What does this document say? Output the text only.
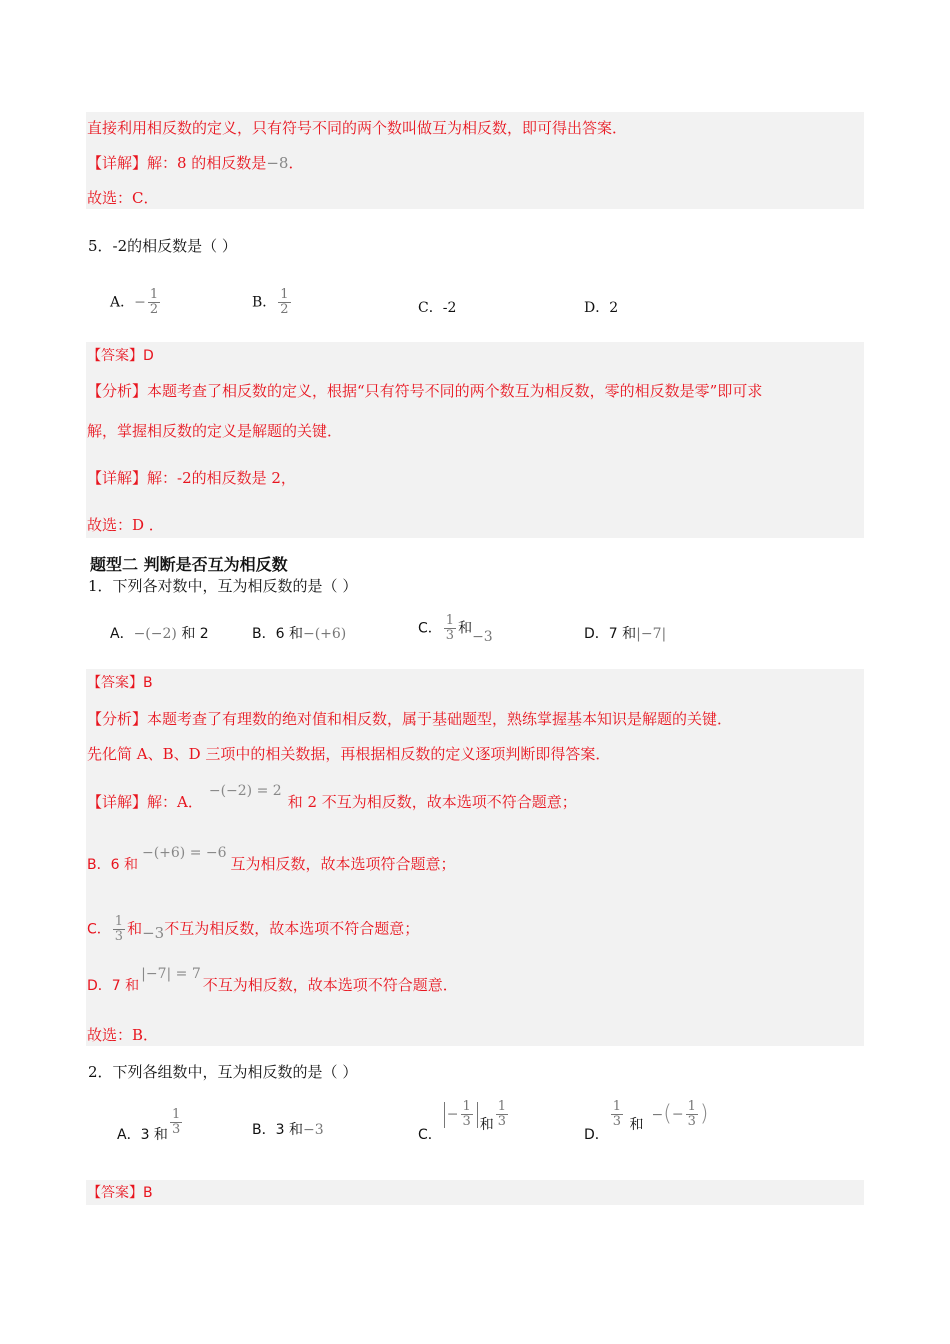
直接利用相反数的定义，只有符号不同的两个数叫做互为相反数，即可得出答案．
【详解】解：8 的相反数是−8．
故选：C．
5．-2的相反数是（ ）
A．− $\frac{1}{2}$	B． $\frac{1}{2}$	C．-2	D．2
【答案】D
【分析】本题考查了相反数的定义，根据“只有符号不同的两个数互为相反数，零的相反数是零”即可求
解，掌握相反数的定义是解题的关键．
【详解】解：-2的相反数是 2，
故选：D ．
题型二 判断是否互为相反数
1．下列各对数中，互为相反数的是（ ）
A．−(−2) 和 2	B．6 和−(+6)	C． $\frac{1}{3}$ 和−3	D．7 和|−7|
【答案】B
【分析】本题考查了有理数的绝对值和相反数，属于基础题型，熟练掌握基本知识是解题的关键．
先化简 A、B、D 三项中的相关数据，再根据相反数的定义逐项判断即得答案．
【详解】解：A．−(−2) = 2和 2 不互为相反数，故本选项不符合题意；
B．6 和−(+6) = −6互为相反数，故本选项符合题意；
C． $\frac{1}{3}$ 和−3不互为相反数，故本选项不符合题意；
D．7 和|−7| = 7不互为相反数，故本选项不符合题意．
故选：B．
2．下列各组数中，互为相反数的是（ ）
A．3 和 $\frac{1}{3}$	B．3 和−3	C．− $\frac{1}{3}$ 和 $\frac{1}{3}$
D．
$\frac{1}{3}$ 和−(− $\frac{1}{3}$ )
【答案】B
